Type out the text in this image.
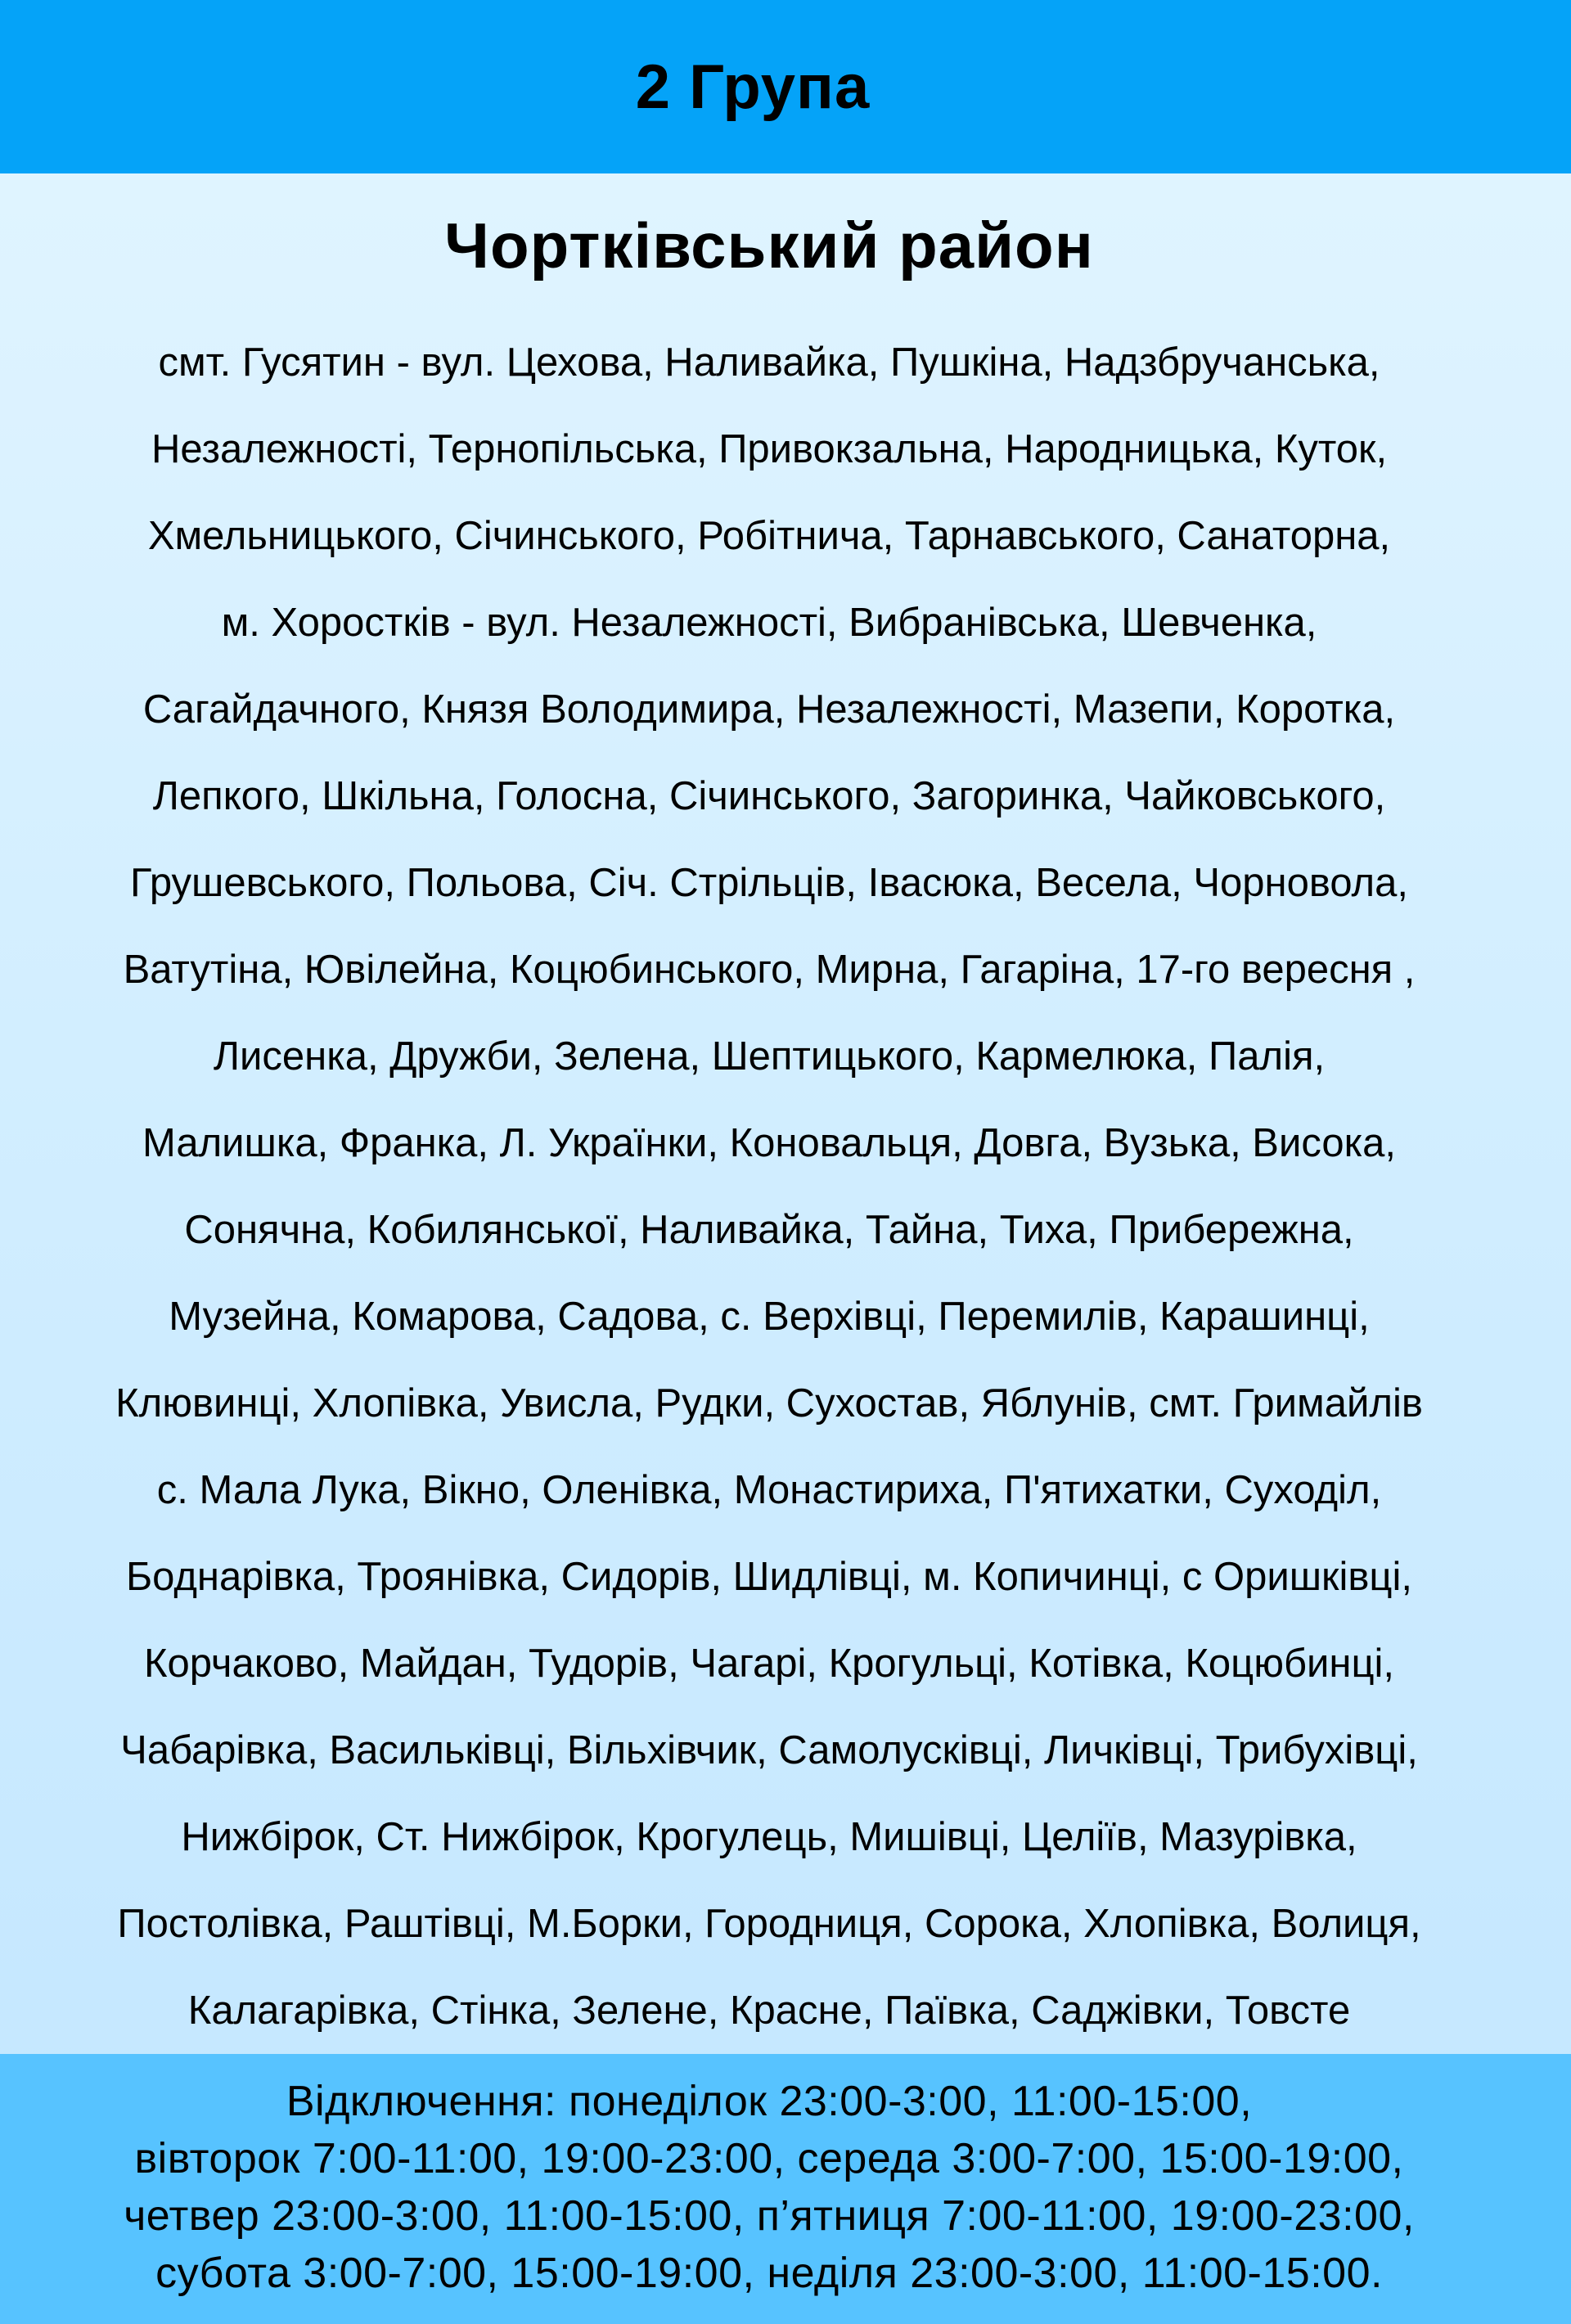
2 Група
Чортківський район
смт. Гусятин - вул. Цехова, Наливайка, Пушкіна, Надзбручанська,
Незалежності, Тернопільська, Привокзальна, Народницька, Куток,
Хмельницького, Січинського, Робітнича, Тарнавського, Санаторна,
м. Хоростків - вул. Незалежності, Вибранівська, Шевченка,
Сагайдачного, Князя Володимира, Незалежності, Мазепи, Коротка,
Лепкого, Шкільна, Голосна, Січинського, Загоринка, Чайковського,
Грушевського, Польова, Січ. Стрільців, Івасюка, Весела, Чорновола,
Ватутіна, Ювілейна, Коцюбинського, Мирна, Гагаріна, 17-го вересня ,
Лисенка, Дружби, Зелена, Шептицького, Кармелюка, Палія,
Малишка, Франка, Л. Українки, Коновальця, Довга, Вузька, Висока,
Сонячна, Кобилянської, Наливайка, Тайна, Тиха, Прибережна,
Музейна, Комарова, Садова, с. Верхівці, Перемилів, Карашинці,
Клювинці, Хлопівка, Увисла, Рудки, Сухостав, Яблунів, смт. Гримайлів
с. Мала Лука, Вікно, Оленівка, Монастириха, П'ятихатки, Суходіл,
Боднарівка, Троянівка, Сидорів, Шидлівці, м. Копичинці, с Оришківці,
Корчаково, Майдан, Тудорів, Чагарі, Крогульці, Котівка, Коцюбинці,
Чабарівка, Васильківці, Вільхівчик, Самолусківці, Личківці, Трибухівці,
Нижбірок, Ст. Нижбірок, Крогулець, Мишівці, Целіїв, Мазурівка,
Постолівка, Раштівці, М.Борки, Городниця, Сорока, Хлопівка, Волиця,
Калагарівка, Стінка, Зелене, Красне, Паївка, Саджівки, Товсте
Відключення: понеділок 23:00-3:00, 11:00-15:00,
вівторок 7:00-11:00, 19:00-23:00, середа 3:00-7:00, 15:00-19:00,
четвер 23:00-3:00, 11:00-15:00, п’ятниця 7:00-11:00, 19:00-23:00,
субота 3:00-7:00, 15:00-19:00, неділя 23:00-3:00, 11:00-15:00.
